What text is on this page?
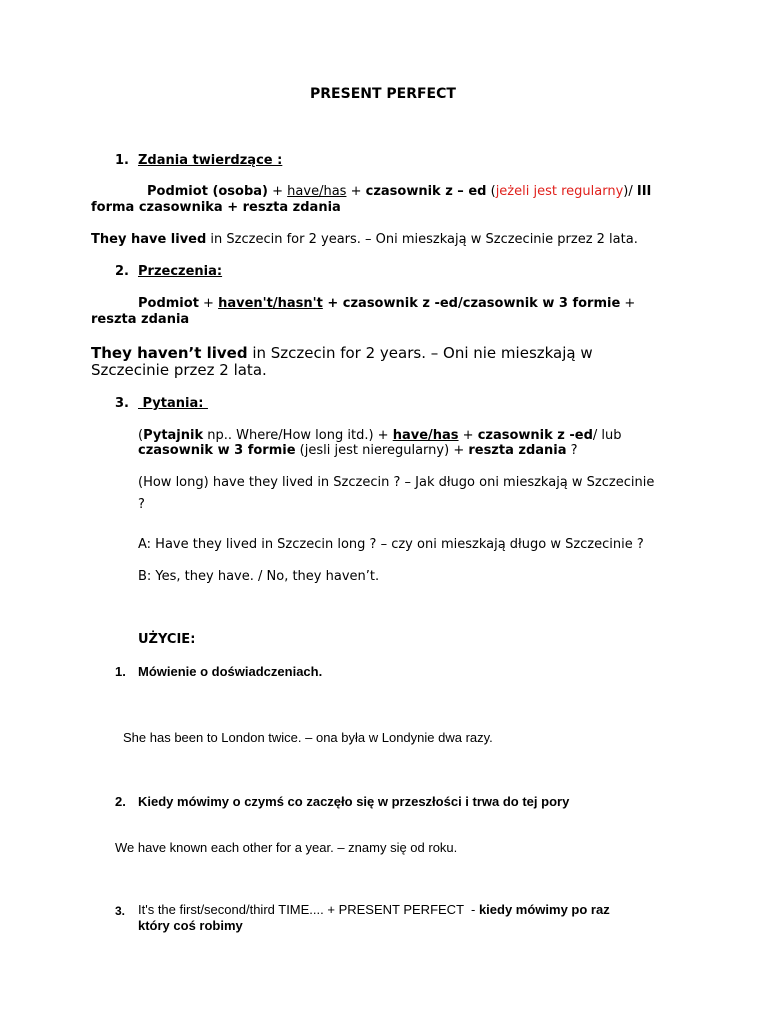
PRESENT PERFECT
1. Zdania twierdzące :
Podmiot (osoba) + have/has + czasownik z – ed (jeżeli jest regularny)/ III
forma czasownika + reszta zdania
They have lived in Szczecin for 2 years. – Oni mieszkają w Szczecinie przez 2 lata.
2. Przeczenia:
Podmiot + haven't/hasn't + czasownik z -ed/czasownik w 3 formie +
reszta zdania
They haven’t lived in Szczecin for 2 years. – Oni nie mieszkają w
Szczecinie przez 2 lata.
3. Pytania:
(Pytajnik np.. Where/How long itd.) + have/has + czasownik z -ed/ lub
czasownik w 3 formie (jesli jest nieregularny) + reszta zdania ?
(How long) have they lived in Szczecin ? – Jak długo oni mieszkają w Szczecinie
?
A: Have they lived in Szczecin long ? – czy oni mieszkają długo w Szczecinie ?
B: Yes, they have. / No, they haven’t.
UŻYCIE:
1. Mówienie o doświadczeniach.
She has been to London twice. – ona była w Londynie dwa razy.
2. Kiedy mówimy o czymś co zaczęło się w przeszłości i trwa do tej pory
We have known each other for a year. – znamy się od roku.
3. It's the first/second/third TIME.... + PRESENT PERFECT  - kiedy mówimy po raz
który coś robimy
